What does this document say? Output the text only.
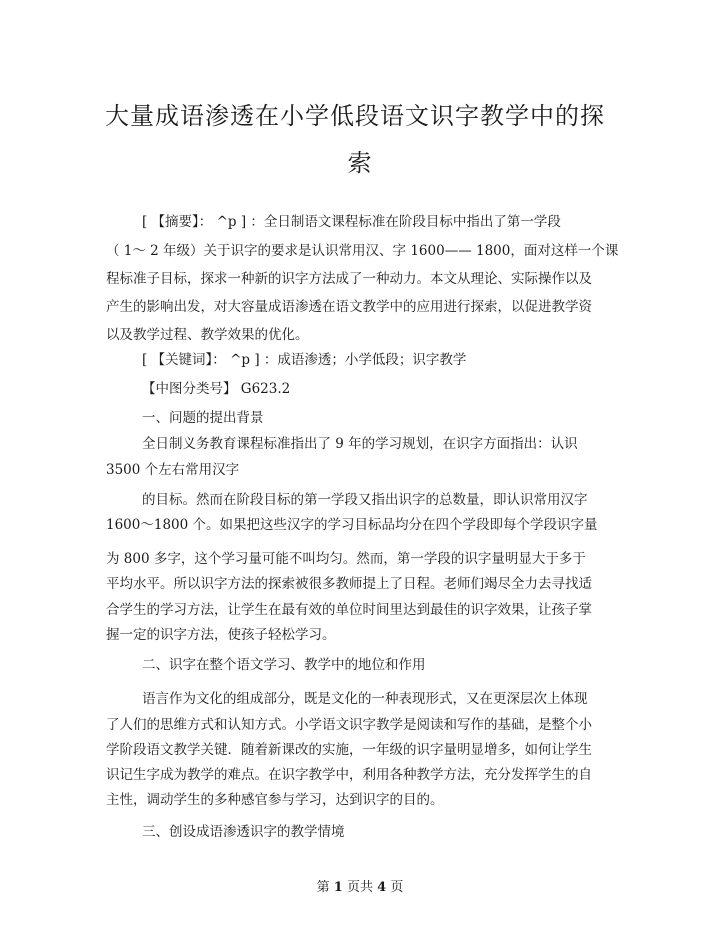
大量成语渗透在小学低段语文识字教学中的探
索

[ 【摘要】： ^p ] ：全日制语文课程标准在阶段目标中指出了第一学段

（ 1～ 2 年级）关于识字的要求是认识常用汉、字 1600—— 1800，面对这样一个课

程标准子目标，探求一种新的识字方法成了一种动力。本文从理论、实际操作以及

产生的影响出发，对大容量成语渗透在语文教学中的应用进行探索，以促进教学资

以及教学过程、教学效果的优化。

[ 【关键词】： ^p ] ：成语渗透；小学低段；识字教学

【中图分类号】 G623.2

一、问题的提出背景

全日制义务教育课程标准指出了 9 年的学习规划，在识字方面指出：认识

3500 个左右常用汉字

的目标。然而在阶段目标的第一学段又指出识字的总数量，即认识常用汉字

1600～1800 个。如果把这些汉字的学习目标品均分在四个学段即每个学段识字量

为 800 多字，这个学习量可能不叫均匀。然而，第一学段的识字量明显大于多于

平均水平。所以识字方法的探索被很多教师提上了日程。老师们竭尽全力去寻找适

合学生的学习方法，让学生在最有效的单位时间里达到最佳的识字效果，让孩子掌

握一定的识字方法，使孩子轻松学习。

二、识字在整个语文学习、教学中的地位和作用

语言作为文化的组成部分，既是文化的一种表现形式，又在更深层次上体现

了人们的思维方式和认知方式。小学语文识字教学是阅读和写作的基础，是整个小

学阶段语文教学关键．随着新课改的实施，一年级的识字量明显增多，如何让学生

识记生字成为教学的难点。在识字教学中，利用各种教学方法，充分发挥学生的自

主性，调动学生的多种感官参与学习，达到识字的目的。

三、创设成语渗透识字的教学情境

第 1 页共 4 页
